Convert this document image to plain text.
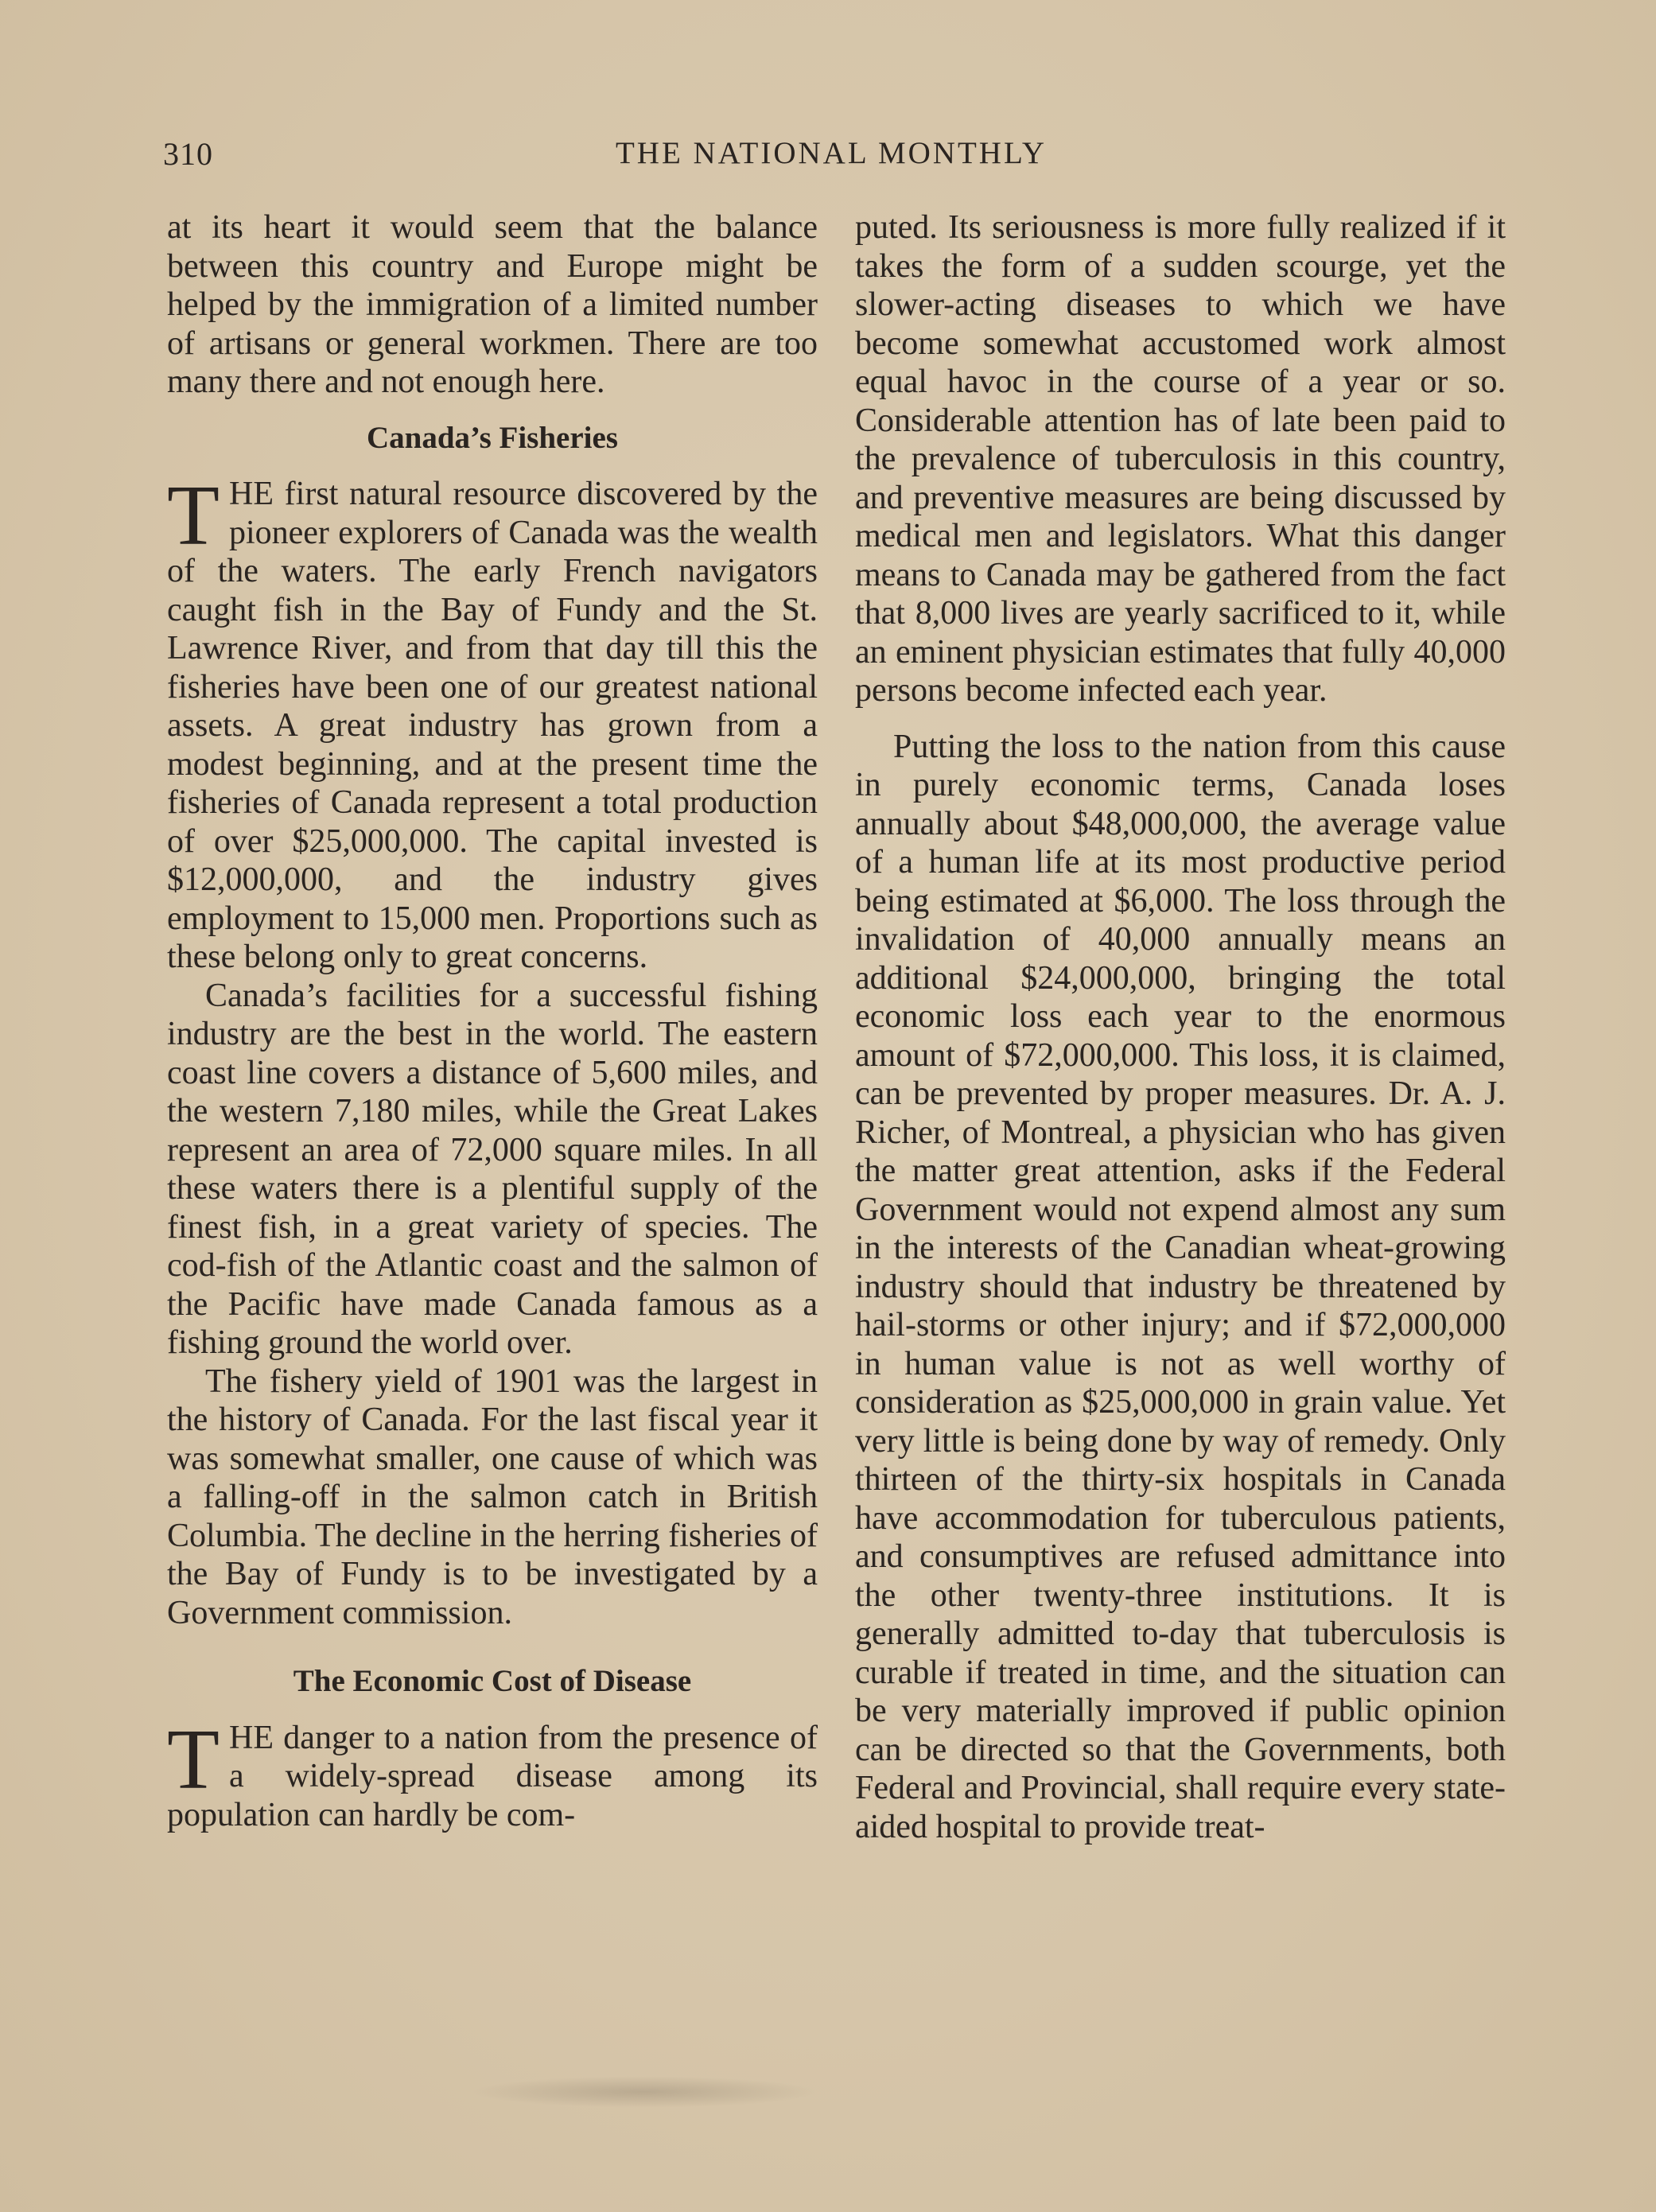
310	THE NATIONAL MONTHLY

at its heart it would seem that the balance between this country and Europe might be helped by the immigration of a limited number of artisans or general workmen. There are too many there and not enough here.

Canada’s Fisheries

THE first natural resource discovered by the pioneer explorers of Canada was the wealth of the waters. The early French navigators caught fish in the Bay of Fundy and the St. Lawrence River, and from that day till this the fisheries have been one of our greatest national assets. A great industry has grown from a modest beginning, and at the present time the fisheries of Canada represent a total production of over $25,000,000. The capital invested is $12,000,000, and the industry gives employment to 15,000 men. Proportions such as these belong only to great concerns.

Canada’s facilities for a successful fishing industry are the best in the world. The eastern coast line covers a distance of 5,600 miles, and the western 7,180 miles, while the Great Lakes represent an area of 72,000 square miles. In all these waters there is a plentiful supply of the finest fish, in a great variety of species. The cod-fish of the Atlantic coast and the salmon of the Pacific have made Canada famous as a fishing ground the world over.

The fishery yield of 1901 was the largest in the history of Canada. For the last fiscal year it was somewhat smaller, one cause of which was a falling-off in the salmon catch in British Columbia. The decline in the herring fisheries of the Bay of Fundy is to be investigated by a Government commission.

The Economic Cost of Disease

THE danger to a nation from the presence of a widely-spread disease among its population can hardly be com-

puted. Its seriousness is more fully realized if it takes the form of a sudden scourge, yet the slower-acting diseases to which we have become somewhat accustomed work almost equal havoc in the course of a year or so. Considerable attention has of late been paid to the prevalence of tuberculosis in this country, and preventive measures are being discussed by medical men and legislators. What this danger means to Canada may be gathered from the fact that 8,000 lives are yearly sacrificed to it, while an eminent physician estimates that fully 40,000 persons become infected each year.

Putting the loss to the nation from this cause in purely economic terms, Canada loses annually about $48,000,000, the average value of a human life at its most productive period being estimated at $6,000. The loss through the invalidation of 40,000 annually means an additional $24,000,000, bringing the total economic loss each year to the enormous amount of $72,000,000. This loss, it is claimed, can be prevented by proper measures. Dr. A. J. Richer, of Montreal, a physician who has given the matter great attention, asks if the Federal Government would not expend almost any sum in the interests of the Canadian wheat-growing industry should that industry be threatened by hail-storms or other injury; and if $72,000,000 in human value is not as well worthy of consideration as $25,000,000 in grain value. Yet very little is being done by way of remedy. Only thirteen of the thirty-six hospitals in Canada have accommodation for tuberculous patients, and consumptives are refused admittance into the other twenty-three institutions. It is generally admitted to-day that tuberculosis is curable if treated in time, and the situation can be very materially improved if public opinion can be directed so that the Governments, both Federal and Provincial, shall require every state-aided hospital to provide treat-
